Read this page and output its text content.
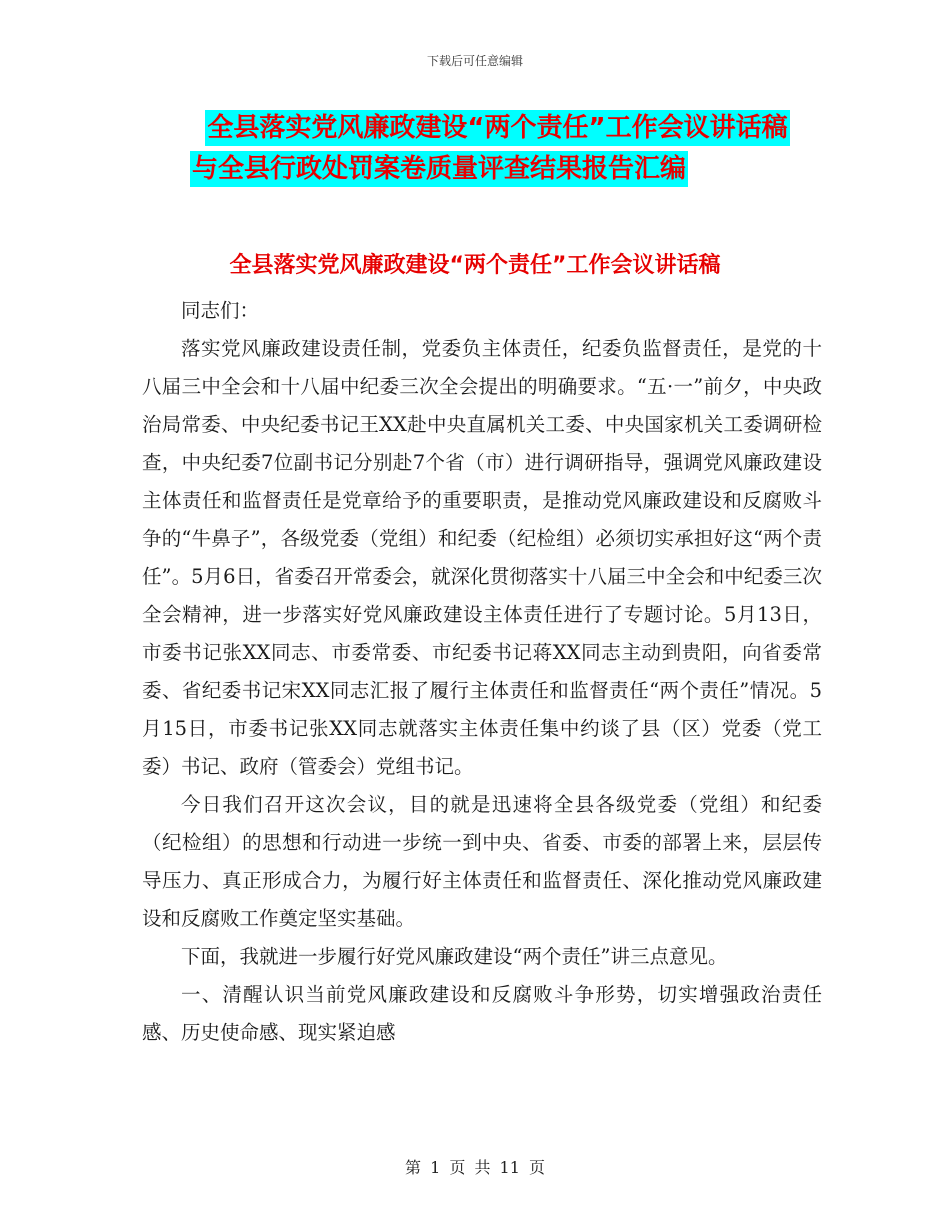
下载后可任意编辑
全县落实党风廉政建设“两个责任”工作会议讲话稿
与全县行政处罚案卷质量评查结果报告汇编
全县落实党风廉政建设“两个责任”工作会议讲话稿

同志们：

落实党风廉政建设责任制，党委负主体责任，纪委负监督责任，是党的十八届三中全会和十八届中纪委三次全会提出的明确要求。“五·一”前夕，中央政治局常委、中央纪委书记王XX赴中央直属机关工委、中央国家机关工委调研检查，中央纪委7位副书记分别赴7个省（市）进行调研指导，强调党风廉政建设主体责任和监督责任是党章给予的重要职责，是推动党风廉政建设和反腐败斗争的“牛鼻子”，各级党委（党组）和纪委（纪检组）必须切实承担好这“两个责任”。5月6日，省委召开常委会，就深化贯彻落实十八届三中全会和中纪委三次全会精神，进一步落实好党风廉政建设主体责任进行了专题讨论。5月13日，市委书记张XX同志、市委常委、市纪委书记蒋XX同志主动到贵阳，向省委常委、省纪委书记宋XX同志汇报了履行主体责任和监督责任“两个责任”情况。5月15日，市委书记张XX同志就落实主体责任集中约谈了县（区）党委（党工委）书记、政府（管委会）党组书记。

今日我们召开这次会议，目的就是迅速将全县各级党委（党组）和纪委（纪检组）的思想和行动进一步统一到中央、省委、市委的部署上来，层层传导压力、真正形成合力，为履行好主体责任和监督责任、深化推动党风廉政建设和反腐败工作奠定坚实基础。

下面，我就进一步履行好党风廉政建设“两个责任”讲三点意见。

一、清醒认识当前党风廉政建设和反腐败斗争形势，切实增强政治责任感、历史使命感、现实紧迫感

第 1 页 共 11 页
